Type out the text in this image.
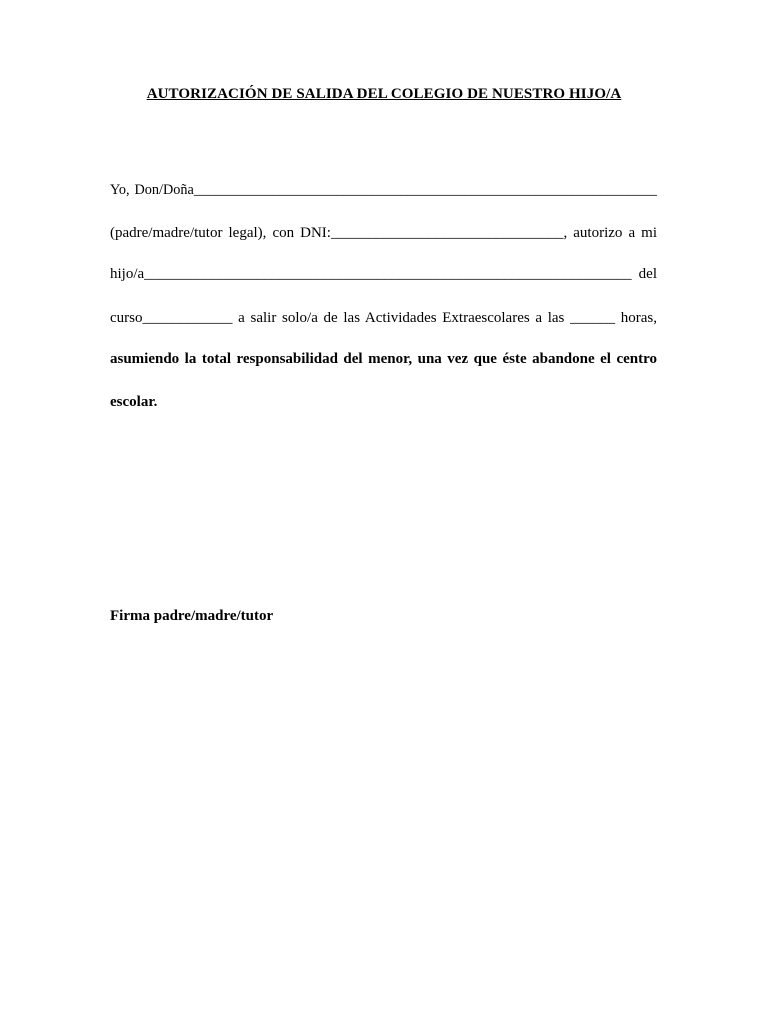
AUTORIZACIÓN DE SALIDA DEL COLEGIO DE NUESTRO HIJO/A
Yo, Don/Doña_________________________________________________________________
(padre/madre/tutor legal), con DNI:_______________________________, autorizo a mi
hijo/a_________________________________________________________________ del
curso____________ a salir solo/a de las Actividades Extraescolares a las ______ horas,
asumiendo la total responsabilidad del menor, una vez que éste abandone el centro
escolar.
Firma padre/madre/tutor
